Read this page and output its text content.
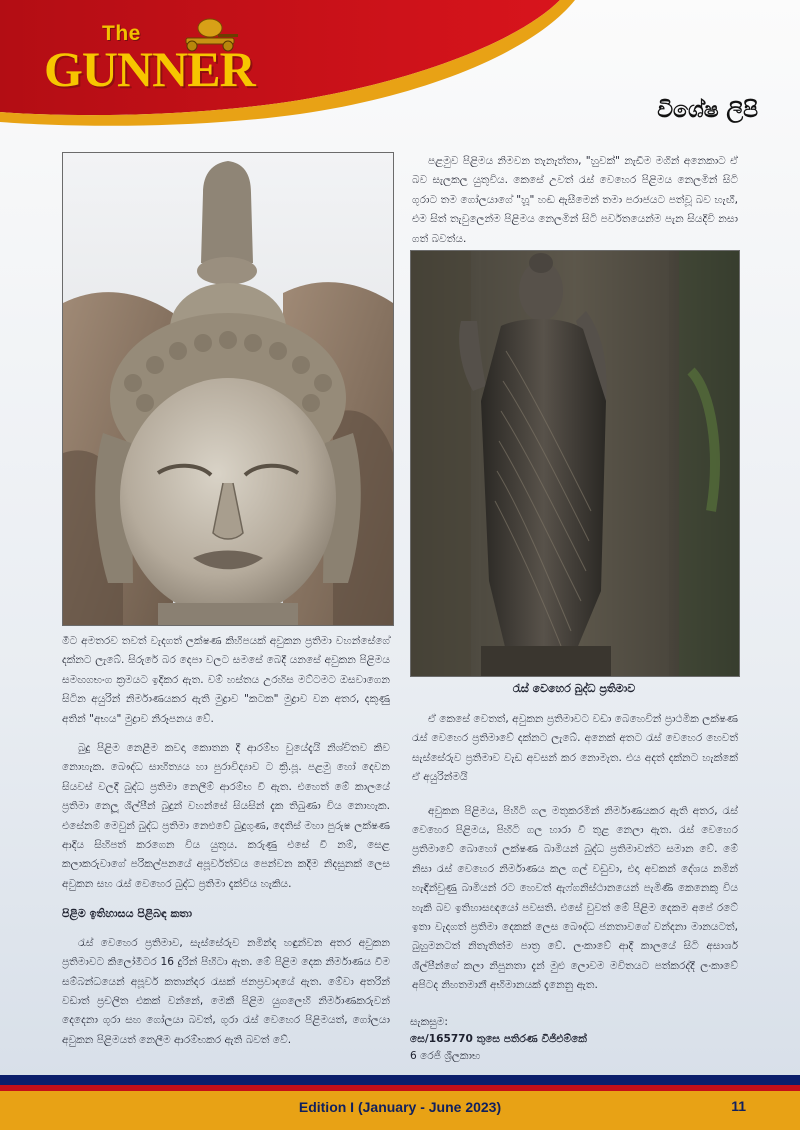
The
GUNNER
විශේෂ ලිපි

මීට අමතරව තවත් වැදගත් ලක්ෂණ කිහිපයක් අවුකන ප්‍රතිමා වහන්සේගේ දක්නට ලැබේ. සිරුරේ බර දෙපා වලට සමසේ බෙදී යනසේ අවුකන පිළිමය සමඟගභංග ක්‍රමයට ඉදිකර ඇත. වම් හස්තය උරහිස මට්ටමට ඔසවාගෙන සිටින අයුරින් නිර්මාණයකර ඇති මුද්‍රාව "කටක" මුද්‍රාව වන අතර, දකුණු අතින් "අභය" මුද්‍රාව නිරූපනය වේ.

බුදු පිළිම නෙළීම කවදා කොතන දී ආරම්භ වුයේදැයි නිශ්චිතව කිව නොහැක. බෞද්ධ සාහිත්‍යය හා පුරාවිද්‍යාව ට ක්‍රි.පූ. පළමු හෝ දෙවන සියවස් වලදී බුද්ධ ප්‍රතිමා නෙලීම් ආරම්භ වී ඇත. එහෙත් මේ කාලයේ ප්‍රතිමා නෙලූ ශිල්පීන් බුදුන් වහන්සේ සියසින් දැක තිබුණා විය නොහැක. එසේනම් මෙවුන් බුද්ධ ප්‍රතිමා නෙළුවේ බුදුගුණ, දෙතිස් මහා පුරුෂ ලක්ෂණ ආදිය සිහිපත් කරගෙන විය යුතුය. කරුණු එසේ වී නම්, සෙළ කලාකරුවාගේ පරිකල්පනයේ අපූර්වත්වය පෙන්වන කදිම නිදසුනක් ලෙස අවුකන සහ රැස් වෙහෙර බුද්ධ ප්‍රතිමා දැක්විය හැකිය.

පිළිම ඉතිහාසය පිළිබඳ කතා

රැස් වෙහෙර ප්‍රතිමාව, සැස්සේරුව නමින්ද හඳුන්වන අතර අවුකන ප්‍රතිමාවට කිලෝමීටර 16 දුරින් පිහිටා ඇත. මේ පිළිම දෙක නිර්මාණය වීම සම්බන්ධයෙන් අපූර්ව කතාන්දර රැසක් ජනප්‍රවාදයේ ඇත. මේවා අතරින් වඩාත් ප්‍රචලිත එකක් වන්නේ, මෙකී පිළිම යුගලෙහි නිර්මාණකරුවන් දෙදෙනා ගුරා සහ ගෝලයා බවත්, ගුරා රැස් වෙහෙර පිළිමයත්, ගෝලයා අවුකන පිළිමයත් නෙලීම ආරම්භකර ඇති බවත් වේ.

පළමුව පිළිමය නිමවන තැනැත්තා, "හුවක්" නැඩීම මගින් අනෙකාට ඒ බව සැලකල යුතුවිය. කෙසේ උවත් රැස් වෙහෙර පිළිමය නෙලමින් සිටි ගුරාට තම ගෝලයාගේ "හූ" හඬ ඇසීමෙන් තමා පරාජයට පත්වූ බව හැඟී, එම සිත් තැවුලෙන්ම පිළිමය නෙලමින් සිටි පර්වතයෙන්ම පැන සියදිවි නසා ගත් බවත්ය.

රැස් වෙහෙර බුද්ධ ප්‍රතිමාව

ඒ කෙසේ වෙතත්, අවුකන ප්‍රතිමාවට වඩා බෙහෙවින් ප්‍රාථමික ලක්ෂණ රැස් වෙහෙර ප්‍රතිමාවේ දක්නට ලැබේ. අනෙක් අතට රැස් වෙහෙර හෙවත් සැස්සේරුව ප්‍රතිමාව වැඩ අවසන් කර නොමැත. එය අදත් දක්නට හැක්කේ ඒ අයුරින්මයි

අවුකන පිළිමය, පිහිටි ගල මතුකරමින් නිර්මාණයකර ඇති අතර, රැස් වෙහෙර පිළිමය, පිහිටි ගල හාරා වී තුළ නෙලා ඇත. රැස් වෙහෙර ප්‍රතිමාවේ බොහෝ ලක්ෂණ බාමියන් බුද්ධ ප්‍රතිමාවන්ට සමාන වේ. මේ නිසා රැස් වෙහෙර නිර්මාණය කල ගල් වඩුවා, එදා අවකන් දේශය නමින් හැඳින්වුණු බාමියන් රට හෙවත් ඇෆ්ගනිස්ථානයෙන් පැමිණි කෙනෙකු විය හැකි බව ඉතිහාසඥයෝ පවසති. එසේ වුවත් මේ පිළිම දෙකම අපේ රටේ ඉතා වැදගත් ප්‍රතිමා දෙකක් ලෙස බෞද්ධ ජනතාවගේ වන්දනා මානයටත්, බුහුමනටත් නිතැතිත්ම පාත්‍ර වේ. ලංකාවේ ආදී කාලයේ සිටි අසාර්ශ ශිල්පීන්ගේ කලා නිපුනතා දැන් මුළු ලොවම මවිතයට පත්කරද්දී ලංකාවේ අපිටද නිහතමානී අභිමානයක් දැනෙනු ඇත.

සැකසුම:
සෙ/165770 තුසෙ පතිරණ වීජිඑම්කේ
6 රෙජි ශ්‍රීලකාභ
Edition I (January - June 2023)	11
